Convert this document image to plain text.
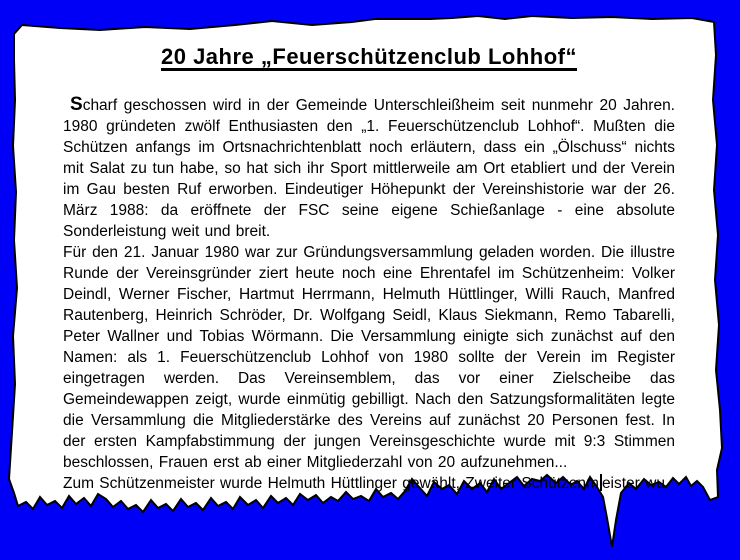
20 Jahre „Feuerschützenclub Lohhof“

Scharf geschossen wird in der Gemeinde Unterschleißheim seit nunmehr 20 Jahren. 1980 gründeten zwölf Enthusiasten den „1. Feuerschützenclub Lohhof“. Mußten die Schützen anfangs im Ortsnachrichtenblatt noch erläutern, dass ein „Ölschuss“ nichts mit Salat zu tun habe, so hat sich ihr Sport mittlerweile am Ort etabliert und der Verein im Gau besten Ruf erworben. Eindeutiger Höhepunkt der Vereinshistorie war der 26. März 1988: da eröffnete der FSC seine eigene Schießanlage - eine absolute Sonderleistung weit und breit.

Für den 21. Januar 1980 war zur Gründungsversammlung geladen worden. Die illustre Runde der Vereinsgründer ziert heute noch eine Ehrentafel im Schützenheim: Volker Deindl, Werner Fischer, Hartmut Herrmann, Helmuth Hüttlinger, Willi Rauch, Manfred Rautenberg, Heinrich Schröder, Dr. Wolfgang Seidl, Klaus Siekmann, Remo Tabarelli, Peter Wallner und Tobias Wörmann. Die Versammlung einigte sich zunächst auf den Namen: als 1. Feuerschützenclub Lohhof von 1980 sollte der Verein im Register eingetragen werden. Das Vereinsemblem, das vor einer Zielscheibe das Gemeindewappen zeigt, wurde einmütig gebilligt. Nach den Satzungsformalitäten legte die Versammlung die Mitgliederstärke des Vereins auf zunächst 20 Personen fest. In der ersten Kampfabstimmung der jungen Vereinsgeschichte wurde mit 9:3 Stimmen beschlossen, Frauen erst ab einer Mitgliederzahl von 20 aufzunehmen...

Zum Schützenmeister wurde Helmuth Hüttlinger gewählt, Zweiter Schützenm eister wu
